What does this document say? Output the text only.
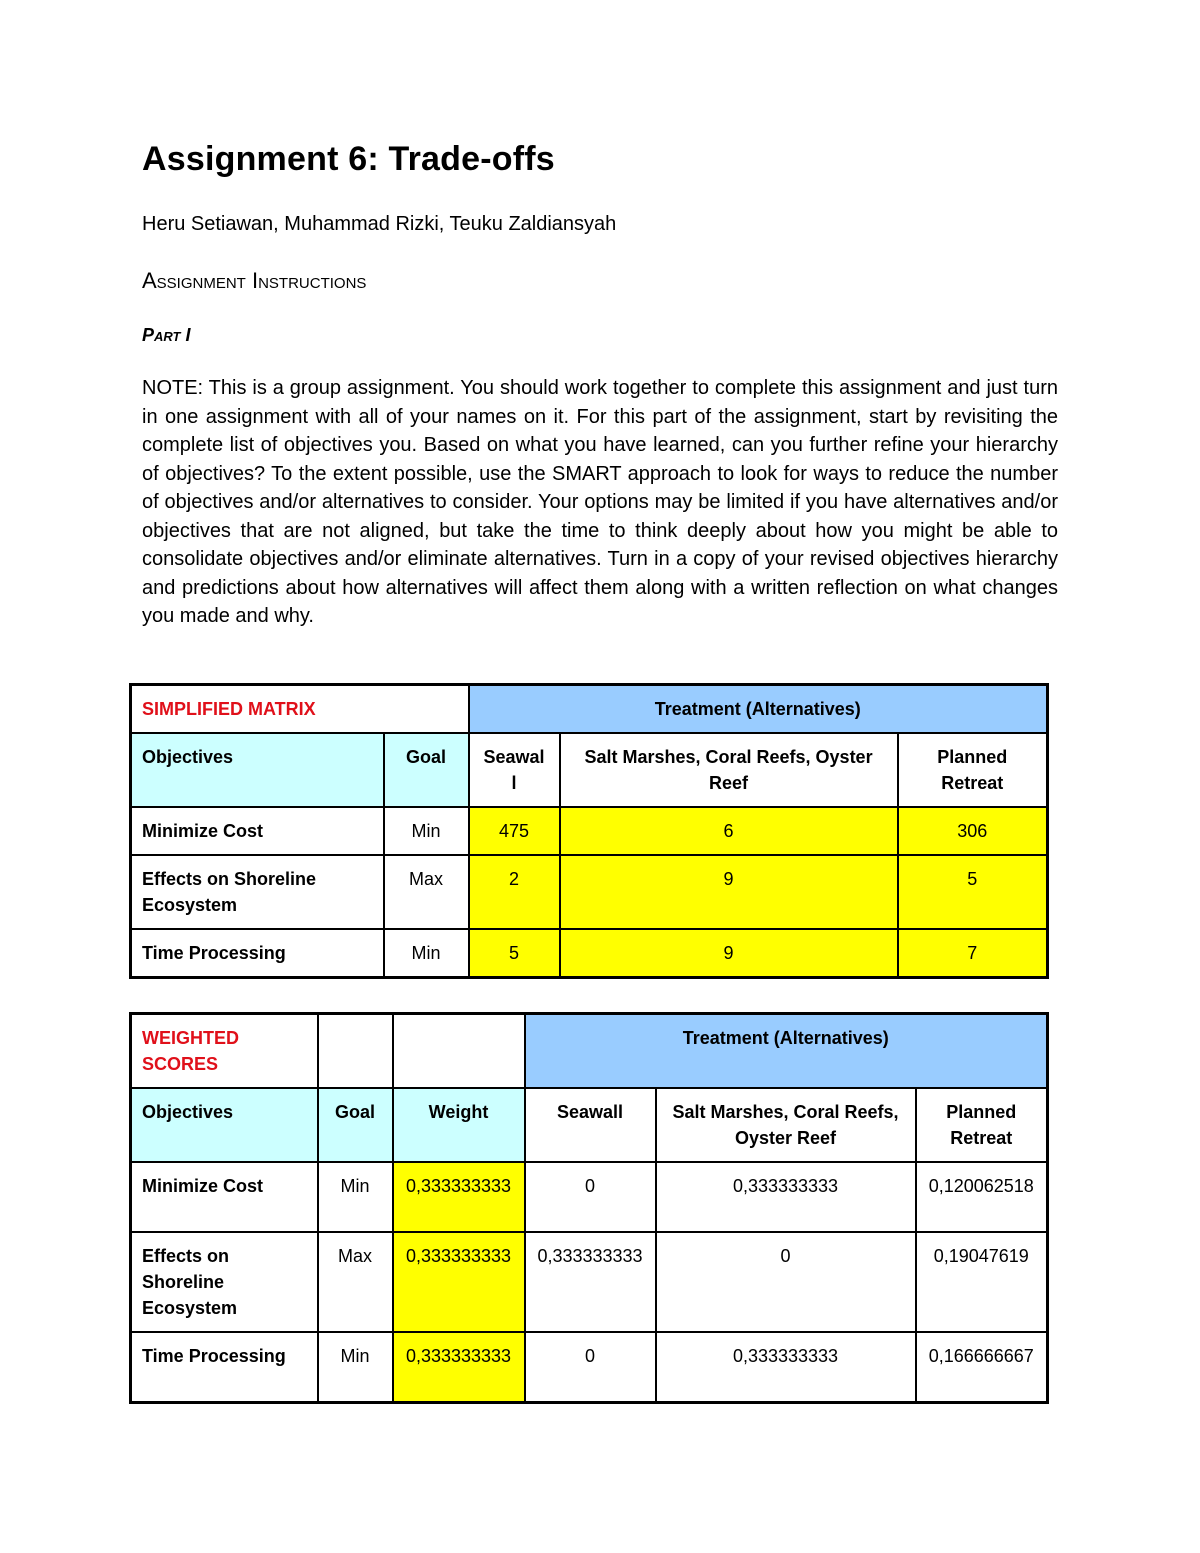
Assignment 6: Trade-offs

Heru Setiawan, Muhammad Rizki, Teuku Zaldiansyah

Assignment Instructions
Part I

NOTE: This is a group assignment. You should work together to complete this assignment and just turn in one assignment with all of your names on it. For this part of the assignment, start by revisiting the complete list of objectives you. Based on what you have learned, can you further refine your hierarchy of objectives? To the extent possible, use the SMART approach to look for ways to reduce the number of objectives and/or alternatives to consider. Your options may be limited if you have alternatives and/or objectives that are not aligned, but take the time to think deeply about how you might be able to consolidate objectives and/or eliminate alternatives. Turn in a copy of your revised objectives hierarchy and predictions about how alternatives will affect them along with a written reflection on what changes you made and why.

SIMPLIFIED MATRIX		Treatment (Alternatives)		
Objectives	Goal	Seawal l	Salt Marshes, Coral Reefs, Oyster Reef	Planned Retreat
Minimize Cost	Min	475	6	306
Effects on Shoreline Ecosystem	Max	2	9	5
Time Processing	Min	5	9	7
WEIGHTED SCORES			Treatment (Alternatives)		
Objectives	Goal	Weight	Seawall	Salt Marshes, Coral Reefs, Oyster Reef	Planned Retreat
Minimize Cost	Min	0,333333333	0	0,333333333	0,120062518
Effects on Shoreline Ecosystem	Max	0,333333333	0,333333333	0	0,19047619
Time Processing	Min	0,333333333	0	0,333333333	0,166666667
